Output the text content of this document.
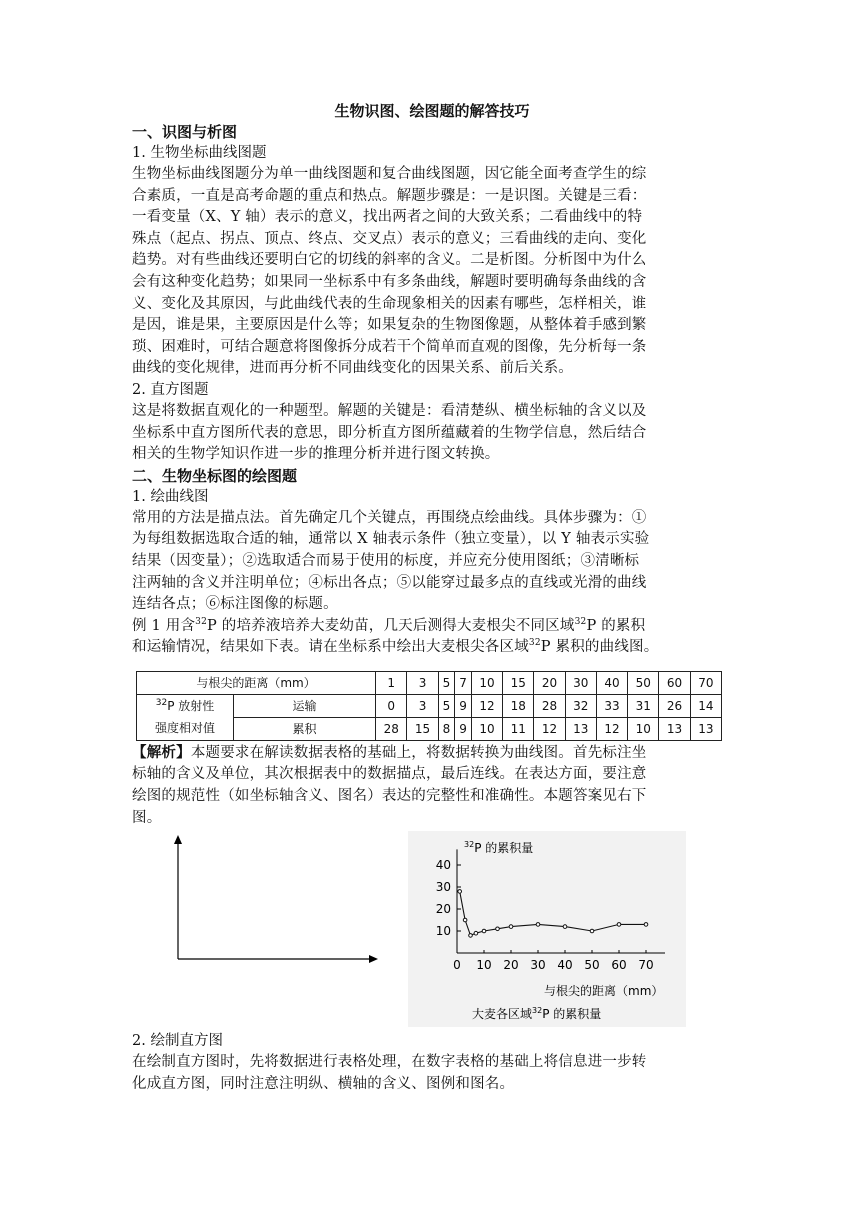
生物识图、绘图题的解答技巧

一、识图与析图

1. 生物坐标曲线图题

生物坐标曲线图题分为单一曲线图题和复合曲线图题，因它能全面考查学生的综

合素质，一直是高考命题的重点和热点。解题步骤是：一是识图。关键是三看：

一看变量（X、Y 轴）表示的意义，找出两者之间的大致关系；二看曲线中的特

殊点（起点、拐点、顶点、终点、交叉点）表示的意义；三看曲线的走向、变化

趋势。对有些曲线还要明白它的切线的斜率的含义。二是析图。分析图中为什么

会有这种变化趋势；如果同一坐标系中有多条曲线，解题时要明确每条曲线的含

义、变化及其原因，与此曲线代表的生命现象相关的因素有哪些，怎样相关，谁

是因，谁是果，主要原因是什么等；如果复杂的生物图像题，从整体着手感到繁

琐、困难时，可结合题意将图像拆分成若干个简单而直观的图像，先分析每一条

曲线的变化规律，进而再分析不同曲线变化的因果关系、前后关系。

2. 直方图题

这是将数据直观化的一种题型。解题的关键是：看清楚纵、横坐标轴的含义以及

坐标系中直方图所代表的意思，即分析直方图所蕴藏着的生物学信息，然后结合

相关的生物学知识作进一步的推理分析并进行图文转换。

二、生物坐标图的绘图题

1. 绘曲线图

常用的方法是描点法。首先确定几个关键点，再围绕点绘曲线。具体步骤为：①

为每组数据选取合适的轴，通常以 X 轴表示条件（独立变量），以 Y 轴表示实验

结果（因变量）；②选取适合而易于使用的标度，并应充分使用图纸；③清晰标

注两轴的含义并注明单位；④标出各点；⑤以能穿过最多点的直线或光滑的曲线

连结各点；⑥标注图像的标题。

例 1 用含$^{32}$P 的培养液培养大麦幼苗，几天后测得大麦根尖不同区域$^{32}$P 的累积

和运输情况，结果如下表。请在坐标系中绘出大麦根尖各区域$^{32}$P 累积的曲线图。

与根尖的距离（mm）		1	3	5	7	10	15	20	30	40	50	60	70
$^{32}$P 放射性
强度相对值	运输	0	3	5	9	12	18	28	32	33	31	26	14
	累积	28	15	8	9	10	11	12	13	12	10	13	13

【解析】本题要求在解读数据表格的基础上，将数据转换为曲线图。首先标注坐

标轴的含义及单位，其次根据表中的数据描点，最后连线。在表达方面，要注意

绘图的规范性（如坐标轴含义、图名）表达的完整性和准确性。本题答案见右下

图。

10
20
30
40
0 10 20 30 40 50 60 70
$^{32}$P 的累积量
与根尖的距离（mm）
大麦各区域$^{32}$P 的累积量

2. 绘制直方图

在绘制直方图时，先将数据进行表格处理，在数字表格的基础上将信息进一步转

化成直方图，同时注意注明纵、横轴的含义、图例和图名。
